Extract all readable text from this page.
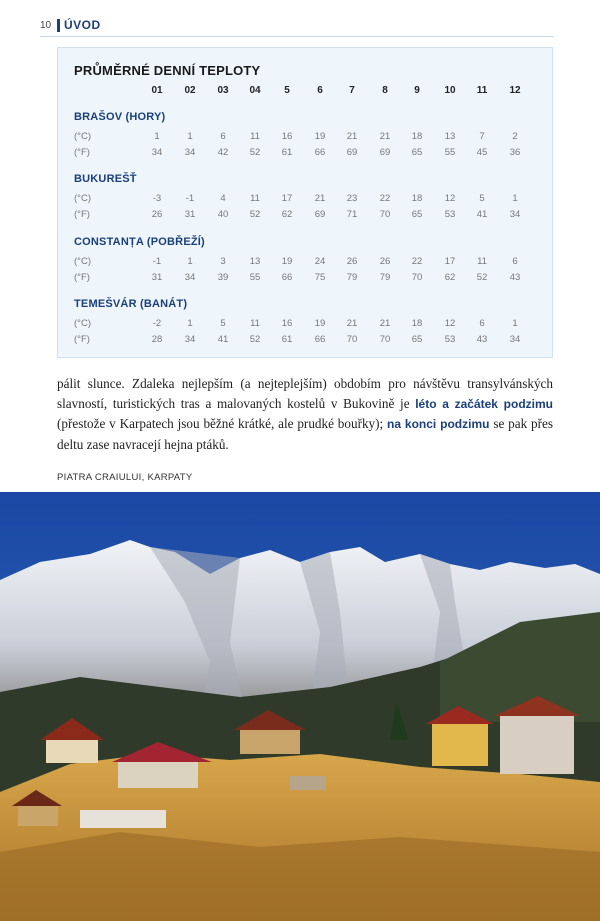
10 ÚVOD
PRŮMĚRNÉ DENNÍ TEPLOTY
01	02	03	04	5	6	7	8	9	10	11	12
BRAŠOV (HORY)
(°C)	1	1	6	11	16	19	21	21	18	13	7	2
(°F)	34	34	42	52	61	66	69	69	65	55	45	36
BUKUREŠŤ
(°C)	-3	-1	4	11	17	21	23	22	18	12	5	1
(°F)	26	31	40	52	62	69	71	70	65	53	41	34
CONSTANȚA (POBŘEŽÍ)
(°C)	-1	1	3	13	19	24	26	26	22	17	11	6
(°F)	31	34	39	55	66	75	79	79	70	62	52	43
TEMEŠVÁR (BANÁT)
(°C)	-2	1	5	11	16	19	21	21	18	12	6	1
(°F)	28	34	41	52	61	66	70	70	65	53	43	34

pálit slunce. Zdaleka nejlepším (a nejteplejším) obdobím pro návštěvu transylvánských slavností, turistických tras a malovaných kostelů v Bukovině je léto a začátek podzimu (přestože v Karpatech jsou běžné krátké, ale prudké bouřky); na konci podzimu se pak přes deltu zase navracejí hejna ptáků.

PIATRA CRAIULUI, KARPATY
